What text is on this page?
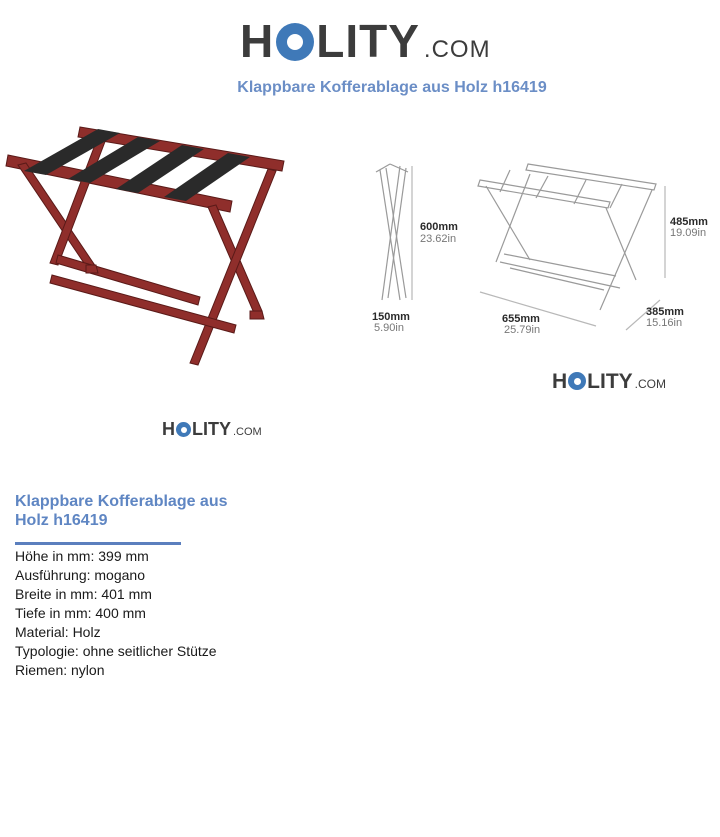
H LITY .COM
Klappbare Kofferablage aus Holz h16419
600mm
23.62in
150mm
5.90in
655mm
25.79in
485mm
19.09in
385mm
15.16in
H LITY .COM
H LITY .COM
Klappbare Kofferablage aus Holz h16419
Höhe in mm: 399 mm
Ausführung: mogano
Breite in mm: 401 mm
Tiefe in mm: 400 mm
Material: Holz
Typologie: ohne seitlicher Stütze
Riemen: nylon
